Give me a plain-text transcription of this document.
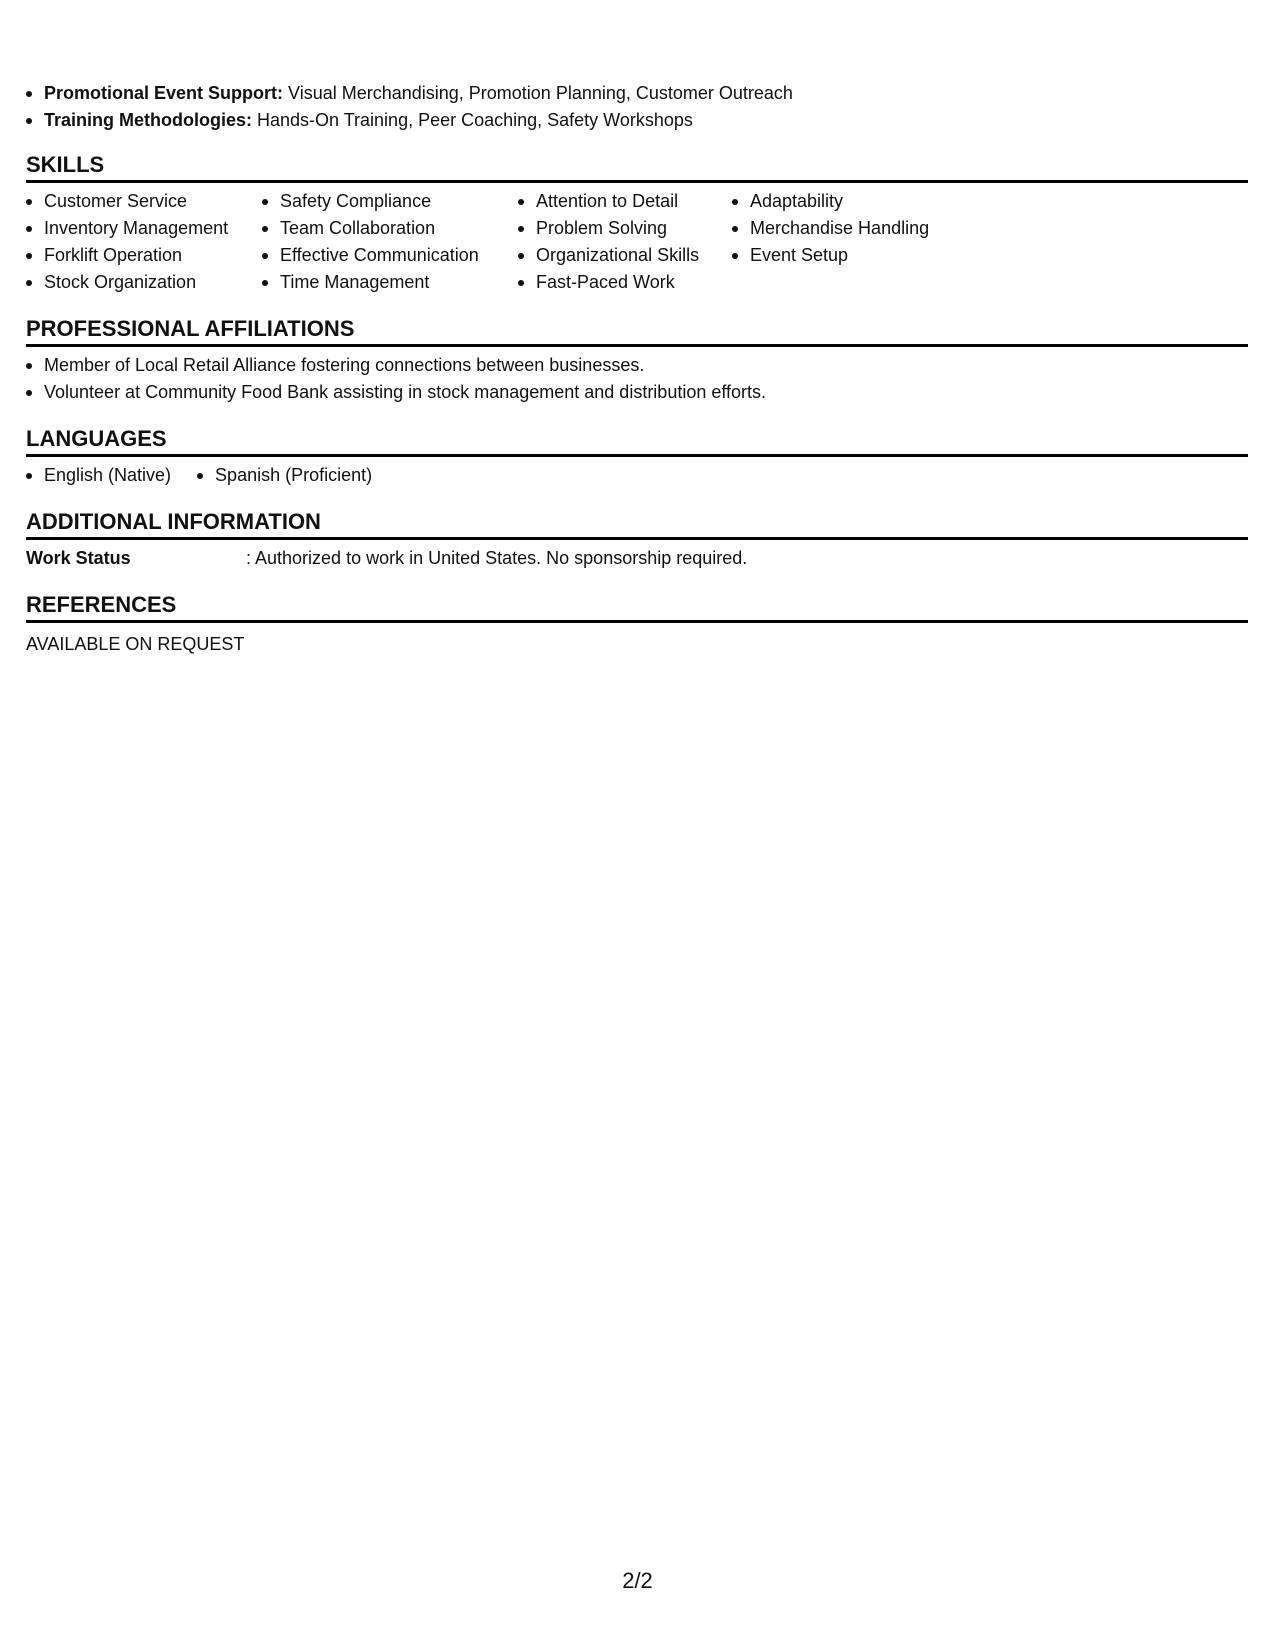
Promotional Event Support: Visual Merchandising, Promotion Planning, Customer Outreach
Training Methodologies: Hands-On Training, Peer Coaching, Safety Workshops
SKILLS
Customer Service
Inventory Management
Forklift Operation
Stock Organization
Safety Compliance
Team Collaboration
Effective Communication
Time Management
Attention to Detail
Problem Solving
Organizational Skills
Fast-Paced Work
Adaptability
Merchandise Handling
Event Setup
PROFESSIONAL AFFILIATIONS
Member of Local Retail Alliance fostering connections between businesses.
Volunteer at Community Food Bank assisting in stock management and distribution efforts.
LANGUAGES
English (Native)	Spanish (Proficient)
ADDITIONAL INFORMATION
Work Status	: Authorized to work in United States. No sponsorship required.
REFERENCES
AVAILABLE ON REQUEST
2/2
